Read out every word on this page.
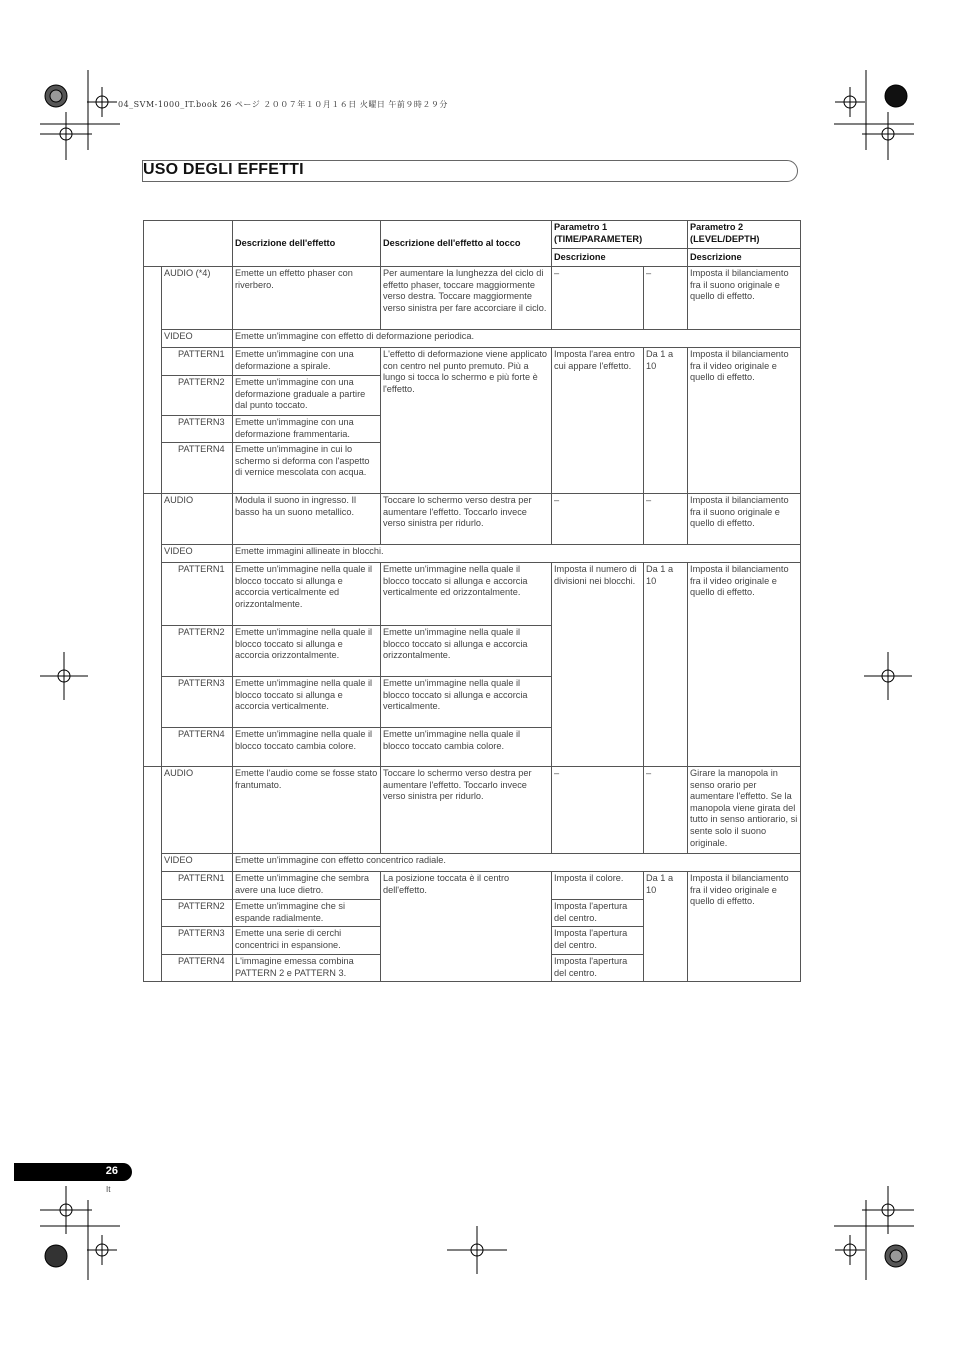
04_SVM-1000_IT.book 26 ページ ２００７年１０月１６日 火曜日 午前９時２９分
USO DEGLI EFFETTI
		Descrizione dell'effetto	Descrizione dell'effetto al tocco	Parametro 1 (TIME/PARAMETER)		Parametro 2 (LEVEL/DEPTH)
				Descrizione		Descrizione
	AUDIO (*4)	Emette un effetto phaser con riverbero.	Per aumentare la lunghezza del ciclo di effetto phaser, toccare maggiormente verso destra. Toccare maggiormente verso sinistra per fare accorciare il ciclo.	–	–	Imposta il bilanciamento fra il suono originale e quello di effetto.
	VIDEO	Emette un'immagine con effetto di deformazione periodica.				
	PATTERN1	Emette un'immagine con una deformazione a spirale.	L'effetto di deformazione viene applicato con centro nel punto premuto. Più a lungo si tocca lo schermo e più forte è l'effetto.	Imposta l'area entro cui appare l'effetto.	Da 1 a 10	Imposta il bilanciamento fra il video originale e quello di effetto.
	PATTERN2	Emette un'immagine con una deformazione graduale a partire dal punto toccato.				
	PATTERN3	Emette un'immagine con una deformazione frammentaria.				
	PATTERN4	Emette un'immagine in cui lo schermo si deforma con l'aspetto di vernice mescolata con acqua.				
	AUDIO	Modula il suono in ingresso. Il basso ha un suono metallico.	Toccare lo schermo verso destra per aumentare l'effetto. Toccarlo invece verso sinistra per ridurlo.	–	–	Imposta il bilanciamento fra il suono originale e quello di effetto.
	VIDEO	Emette immagini allineate in blocchi.				
	PATTERN1	Emette un'immagine nella quale il blocco toccato si allunga e accorcia verticalmente ed orizzontalmente.	Emette un'immagine nella quale il blocco toccato si allunga e accorcia verticalmente ed orizzontalmente.	Imposta il numero di divisioni nei blocchi.	Da 1 a 10	Imposta il bilanciamento fra il video originale e quello di effetto.
	PATTERN2	Emette un'immagine nella quale il blocco toccato si allunga e accorcia orizzontalmente.	Emette un'immagine nella quale il blocco toccato si allunga e accorcia orizzontalmente.			
	PATTERN3	Emette un'immagine nella quale il blocco toccato si allunga e accorcia verticalmente.	Emette un'immagine nella quale il blocco toccato si allunga e accorcia verticalmente.			
	PATTERN4	Emette un'immagine nella quale il blocco toccato cambia colore.	Emette un'immagine nella quale il blocco toccato cambia colore.			
	AUDIO	Emette l'audio come se fosse stato frantumato.	Toccare lo schermo verso destra per aumentare l'effetto. Toccarlo invece verso sinistra per ridurlo.	–	–	Girare la manopola in senso orario per aumentare l'effetto. Se la manopola viene girata del tutto in senso antiorario, si sente solo il suono originale.
	VIDEO	Emette un'immagine con effetto concentrico radiale.				
	PATTERN1	Emette un'immagine che sembra avere una luce dietro.	La posizione toccata è il centro dell'effetto.	Imposta il colore.	Da 1 a 10	Imposta il bilanciamento fra il video originale e quello di effetto.
	PATTERN2	Emette un'immagine che si espande radialmente.		Imposta l'apertura del centro.		
	PATTERN3	Emette una serie di cerchi concentrici in espansione.		Imposta l'apertura del centro.		
	PATTERN4	L'immagine emessa combina PATTERN 2 e PATTERN 3.		Imposta l'apertura del centro.		
26
It
